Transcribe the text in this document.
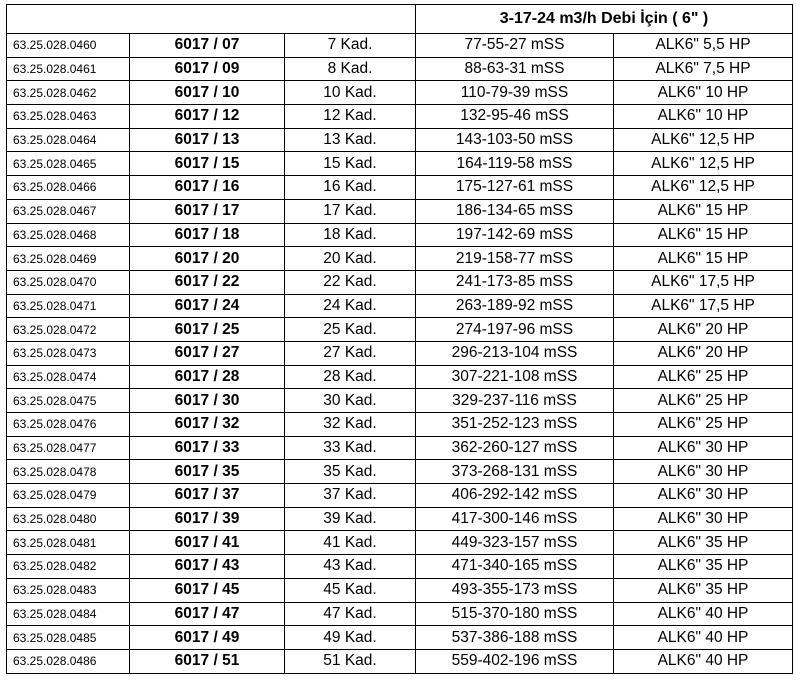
			3-17-24 m3/h Debi İçin ( 6" )	
63.25.028.0460	6017 / 07	7 Kad.	77-55-27 mSS	ALK6" 5,5 HP
63.25.028.0461	6017 / 09	8 Kad.	88-63-31 mSS	ALK6" 7,5 HP
63.25.028.0462	6017 / 10	10 Kad.	110-79-39 mSS	ALK6" 10 HP
63.25.028.0463	6017 / 12	12 Kad.	132-95-46 mSS	ALK6" 10 HP
63.25.028.0464	6017 / 13	13 Kad.	143-103-50 mSS	ALK6" 12,5 HP
63.25.028.0465	6017 / 15	15 Kad.	164-119-58 mSS	ALK6" 12,5 HP
63.25.028.0466	6017 / 16	16 Kad.	175-127-61 mSS	ALK6" 12,5 HP
63.25.028.0467	6017 / 17	17 Kad.	186-134-65 mSS	ALK6" 15 HP
63.25.028.0468	6017 / 18	18 Kad.	197-142-69 mSS	ALK6" 15 HP
63.25.028.0469	6017 / 20	20 Kad.	219-158-77 mSS	ALK6" 15 HP
63.25.028.0470	6017 / 22	22 Kad.	241-173-85 mSS	ALK6" 17,5 HP
63.25.028.0471	6017 / 24	24 Kad.	263-189-92 mSS	ALK6" 17,5 HP
63.25.028.0472	6017 / 25	25 Kad.	274-197-96 mSS	ALK6" 20 HP
63.25.028.0473	6017 / 27	27 Kad.	296-213-104 mSS	ALK6" 20 HP
63.25.028.0474	6017 / 28	28 Kad.	307-221-108 mSS	ALK6" 25 HP
63.25.028.0475	6017 / 30	30 Kad.	329-237-116 mSS	ALK6" 25 HP
63.25.028.0476	6017 / 32	32 Kad.	351-252-123 mSS	ALK6" 25 HP
63.25.028.0477	6017 / 33	33 Kad.	362-260-127 mSS	ALK6" 30 HP
63.25.028.0478	6017 / 35	35 Kad.	373-268-131 mSS	ALK6" 30 HP
63.25.028.0479	6017 / 37	37 Kad.	406-292-142 mSS	ALK6" 30 HP
63.25.028.0480	6017 / 39	39 Kad.	417-300-146 mSS	ALK6" 30 HP
63.25.028.0481	6017 / 41	41 Kad.	449-323-157 mSS	ALK6" 35 HP
63.25.028.0482	6017 / 43	43 Kad.	471-340-165 mSS	ALK6" 35 HP
63.25.028.0483	6017 / 45	45 Kad.	493-355-173 mSS	ALK6" 35 HP
63.25.028.0484	6017 / 47	47 Kad.	515-370-180 mSS	ALK6" 40 HP
63.25.028.0485	6017 / 49	49 Kad.	537-386-188 mSS	ALK6" 40 HP
63.25.028.0486	6017 / 51	51 Kad.	559-402-196 mSS	ALK6" 40 HP
